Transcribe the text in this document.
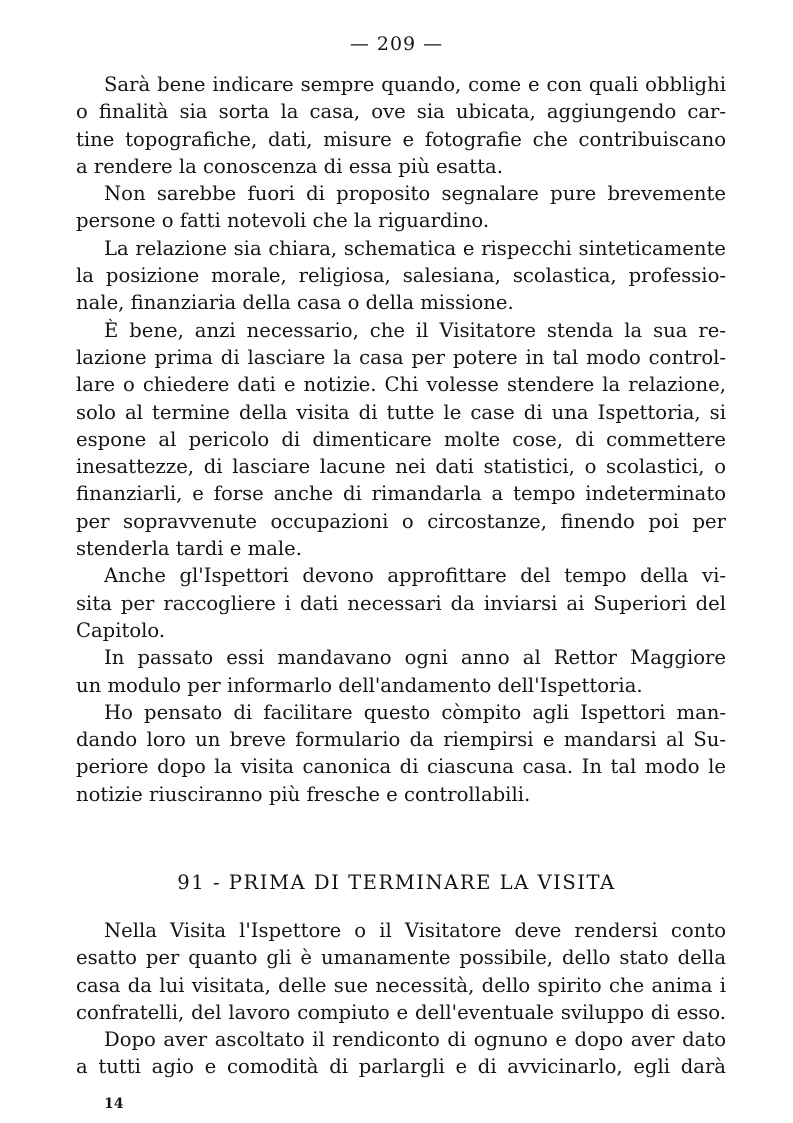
— 209 —
Sarà bene indicare sempre quando, come e con quali obblighi
o finalità sia sorta la casa, ove sia ubicata, aggiungendo car-
tine topografiche, dati, misure e fotografie che contribuiscano
a rendere la conoscenza di essa più esatta.
Non sarebbe fuori di proposito segnalare pure brevemente
persone o fatti notevoli che la riguardino.
La relazione sia chiara, schematica e rispecchi sinteticamente
la posizione morale, religiosa, salesiana, scolastica, professio-
nale, finanziaria della casa o della missione.
È bene, anzi necessario, che il Visitatore stenda la sua re-
lazione prima di lasciare la casa per potere in tal modo control-
lare o chiedere dati e notizie. Chi volesse stendere la relazione,
solo al termine della visita di tutte le case di una Ispettoria, si
espone al pericolo di dimenticare molte cose, di commettere
inesattezze, di lasciare lacune nei dati statistici, o scolastici, o
finanziarli, e forse anche di rimandarla a tempo indeterminato
per sopravvenute occupazioni o circostanze, finendo poi per
stenderla tardi e male.
Anche gl'Ispettori devono approfittare del tempo della vi-
sita per raccogliere i dati necessari da inviarsi ai Superiori del
Capitolo.
In passato essi mandavano ogni anno al Rettor Maggiore
un modulo per informarlo dell'andamento dell'Ispettoria.
Ho pensato di facilitare questo còmpito agli Ispettori man-
dando loro un breve formulario da riempirsi e mandarsi al Su-
periore dopo la visita canonica di ciascuna casa. In tal modo le
notizie riusciranno più fresche e controllabili.
91 - PRIMA DI TERMINARE LA VISITA
Nella Visita l'Ispettore o il Visitatore deve rendersi conto
esatto per quanto gli è umanamente possibile, dello stato della
casa da lui visitata, delle sue necessità, dello spirito che anima i
confratelli, del lavoro compiuto e dell'eventuale sviluppo di esso.
Dopo aver ascoltato il rendiconto di ognuno e dopo aver dato
a tutti agio e comodità di parlargli e di avvicinarlo, egli darà
14
